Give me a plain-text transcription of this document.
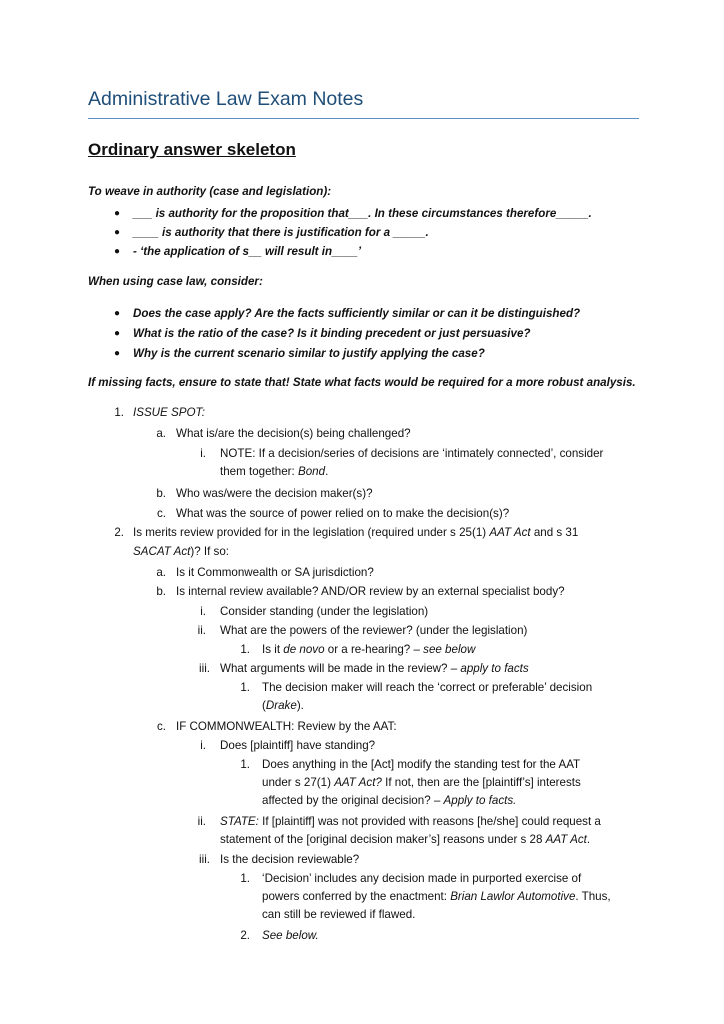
Administrative Law Exam Notes
Ordinary answer skeleton
To weave in authority (case and legislation):
● ___ is authority for the proposition that___. In these circumstances therefore_____.
● ____ is authority that there is justification for a _____.
● - ‘the application of s__ will result in____’
When using case law, consider:
● Does the case apply? Are the facts sufficiently similar or can it be distinguished?
● What is the ratio of the case? Is it binding precedent or just persuasive?
● Why is the current scenario similar to justify applying the case?
If missing facts, ensure to state that! State what facts would be required for a more robust analysis.
1. ISSUE SPOT:
a. What is/are the decision(s) being challenged?
i. NOTE: If a decision/series of decisions are ‘intimately connected’, consider
them together: Bond.
b. Who was/were the decision maker(s)?
c. What was the source of power relied on to make the decision(s)?
2. Is merits review provided for in the legislation (required under s 25(1) AAT Act and s 31
SACAT Act)? If so:
a. Is it Commonwealth or SA jurisdiction?
b. Is internal review available? AND/OR review by an external specialist body?
i. Consider standing (under the legislation)
ii. What are the powers of the reviewer? (under the legislation)
1. Is it de novo or a re-hearing? – see below
iii. What arguments will be made in the review? – apply to facts
1. The decision maker will reach the ‘correct or preferable’ decision
(Drake).
c. IF COMMONWEALTH: Review by the AAT:
i. Does [plaintiff] have standing?
1. Does anything in the [Act] modify the standing test for the AAT
under s 27(1) AAT Act? If not, then are the [plaintiff’s] interests
affected by the original decision? – Apply to facts.
ii. STATE: If [plaintiff] was not provided with reasons [he/she] could request a
statement of the [original decision maker’s] reasons under s 28 AAT Act.
iii. Is the decision reviewable?
1. ‘Decision’ includes any decision made in purported exercise of
powers conferred by the enactment: Brian Lawlor Automotive. Thus,
can still be reviewed if flawed.
2. See below.
